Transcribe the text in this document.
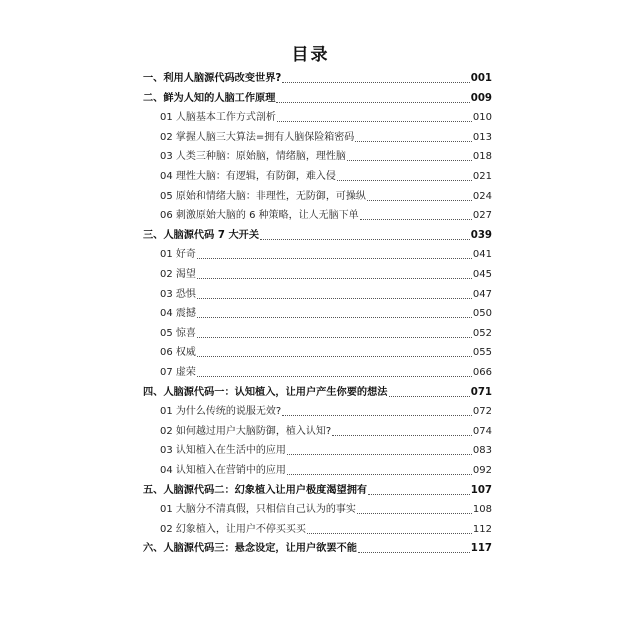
目录
一、利用人脑源代码改变世界?	001
二、鲜为人知的人脑工作原理	009
01 人脑基本工作方式剖析	010
02 掌握人脑三大算法=拥有人脑保险箱密码	013
03 人类三种脑：原始脑，情绪脑，理性脑	018
04 理性大脑：有逻辑，有防御，难入侵	021
05 原始和情绪大脑：非理性，无防御，可操纵	024
06 刺激原始大脑的 6 种策略，让人无脑下单	027
三、人脑源代码 7 大开关	039
01 好奇	041
02 渴望	045
03 恐惧	047
04 震撼	050
05 惊喜	052
06 权威	055
07 虚荣	066
四、人脑源代码一：认知植入，让用户产生你要的想法	071
01 为什么传统的说服无效?	072
02 如何越过用户大脑防御，植入认知?	074
03 认知植入在生活中的应用	083
04 认知植入在营销中的应用	092
五、人脑源代码二：幻象植入让用户极度渴望拥有	107
01 大脑分不清真假，只相信自己认为的事实	108
02 幻象植入，让用户不停买买买	112
六、人脑源代码三：悬念设定，让用户欲罢不能	117
